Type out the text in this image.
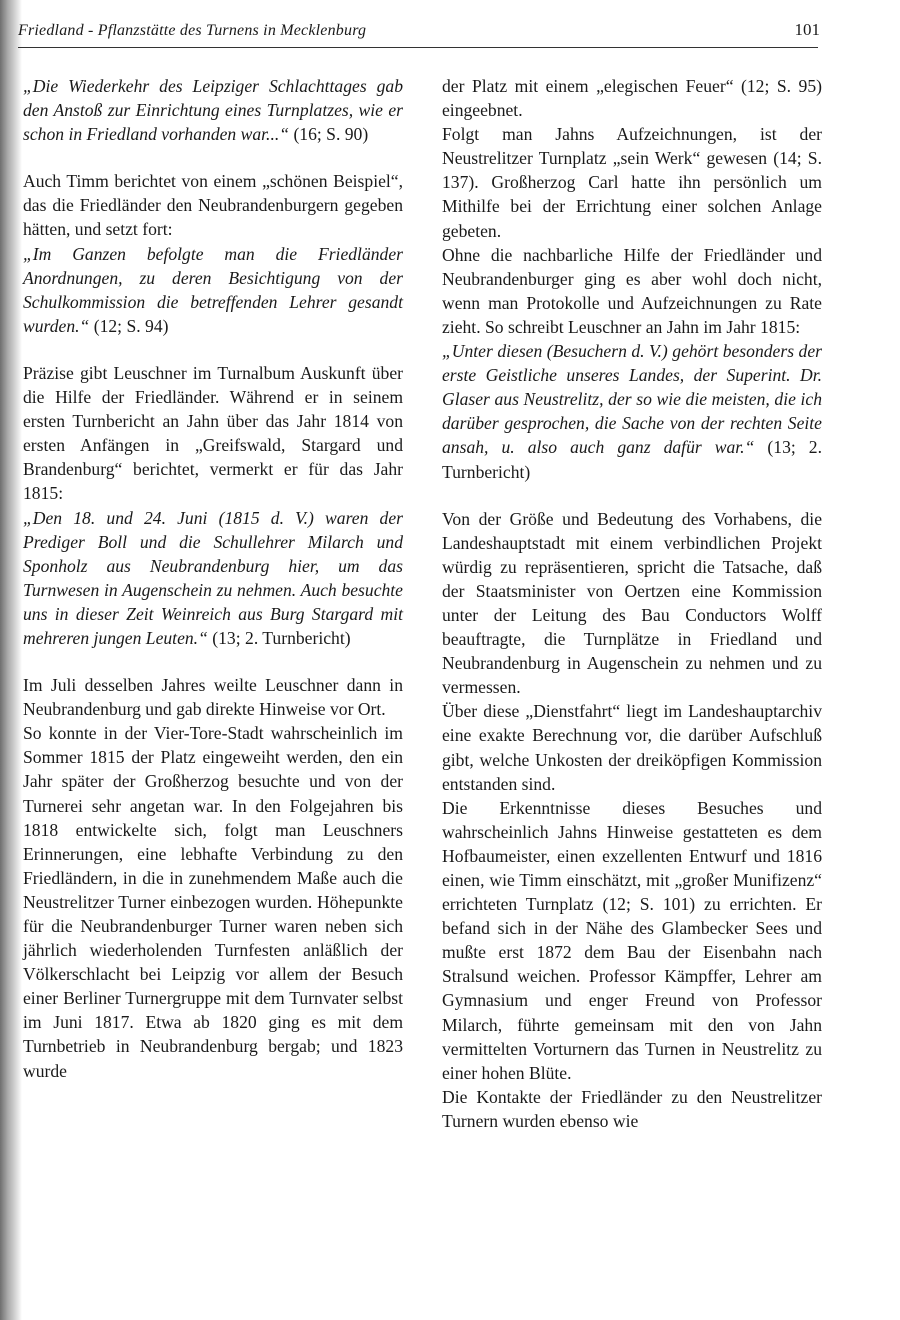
Friedland - Pflanzstätte des Turnens in Mecklenburg	101

„Die Wiederkehr des Leipziger Schlachttages gab den Anstoß zur Einrichtung eines Turnplatzes, wie er schon in Friedland vorhanden war...“ (16; S. 90)

Auch Timm berichtet von einem „schönen Beispiel“, das die Friedländer den Neubrandenburgern gegeben hätten, und setzt fort:

„Im Ganzen befolgte man die Friedländer Anordnungen, zu deren Besichtigung von der Schulkommission die betreffenden Lehrer gesandt wurden.“ (12; S. 94)

Präzise gibt Leuschner im Turnalbum Auskunft über die Hilfe der Friedländer. Während er in seinem ersten Turnbericht an Jahn über das Jahr 1814 von ersten Anfängen in „Greifswald, Stargard und Brandenburg“ berichtet, vermerkt er für das Jahr 1815:

„Den 18. und 24. Juni (1815 d. V.) waren der Prediger Boll und die Schullehrer Milarch und Sponholz aus Neubrandenburg hier, um das Turnwesen in Augenschein zu nehmen. Auch besuchte uns in dieser Zeit Weinreich aus Burg Stargard mit mehreren jungen Leuten.“ (13; 2. Turnbericht)

Im Juli desselben Jahres weilte Leuschner dann in Neubrandenburg und gab direkte Hinweise vor Ort.

So konnte in der Vier-Tore-Stadt wahrscheinlich im Sommer 1815 der Platz eingeweiht werden, den ein Jahr später der Großherzog besuchte und von der Turnerei sehr angetan war. In den Folgejahren bis 1818 entwickelte sich, folgt man Leuschners Erinnerungen, eine lebhafte Verbindung zu den Friedländern, in die in zunehmendem Maße auch die Neustrelitzer Turner einbezogen wurden. Höhepunkte für die Neubrandenburger Turner waren neben sich jährlich wiederholenden Turnfesten anläßlich der Völkerschlacht bei Leipzig vor allem der Besuch einer Berliner Turnergruppe mit dem Turnvater selbst im Juni 1817. Etwa ab 1820 ging es mit dem Turnbetrieb in Neubrandenburg bergab; und 1823 wurde

der Platz mit einem „elegischen Feuer“ (12; S. 95) eingeebnet.

Folgt man Jahns Aufzeichnungen, ist der Neustrelitzer Turnplatz „sein Werk“ gewesen (14; S. 137). Großherzog Carl hatte ihn persönlich um Mithilfe bei der Errichtung einer solchen Anlage gebeten.

Ohne die nachbarliche Hilfe der Friedländer und Neubrandenburger ging es aber wohl doch nicht, wenn man Protokolle und Aufzeichnungen zu Rate zieht. So schreibt Leuschner an Jahn im Jahr 1815:

„Unter diesen (Besuchern d. V.) gehört besonders der erste Geistliche unseres Landes, der Superint. Dr. Glaser aus Neustrelitz, der so wie die meisten, die ich darüber gesprochen, die Sache von der rechten Seite ansah, u. also auch ganz dafür war.“ (13; 2. Turnbericht)

Von der Größe und Bedeutung des Vorhabens, die Landeshauptstadt mit einem verbindlichen Projekt würdig zu repräsentieren, spricht die Tatsache, daß der Staatsminister von Oertzen eine Kommission unter der Leitung des Bau Conductors Wolff beauftragte, die Turnplätze in Friedland und Neubrandenburg in Augenschein zu nehmen und zu vermessen.

Über diese „Dienstfahrt“ liegt im Landeshauptarchiv eine exakte Berechnung vor, die darüber Aufschluß gibt, welche Unkosten der dreiköpfigen Kommission entstanden sind.

Die Erkenntnisse dieses Besuches und wahrscheinlich Jahns Hinweise gestatteten es dem Hofbaumeister, einen exzellenten Entwurf und 1816 einen, wie Timm einschätzt, mit „großer Munifizenz“ errichteten Turnplatz (12; S. 101) zu errichten. Er befand sich in der Nähe des Glambecker Sees und mußte erst 1872 dem Bau der Eisenbahn nach Stralsund weichen. Professor Kämpffer, Lehrer am Gymnasium und enger Freund von Professor Milarch, führte gemeinsam mit den von Jahn vermittelten Vorturnern das Turnen in Neustrelitz zu einer hohen Blüte.

Die Kontakte der Friedländer zu den Neustrelitzer Turnern wurden ebenso wie
